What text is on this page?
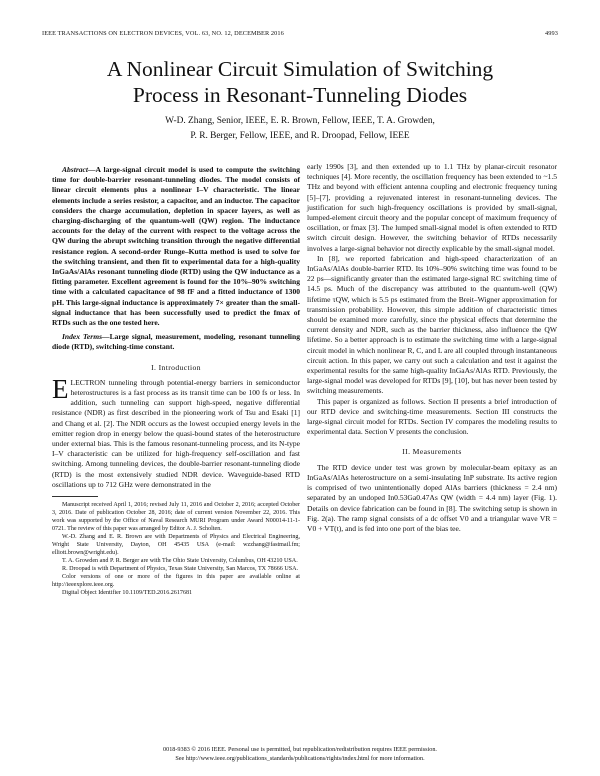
IEEE TRANSACTIONS ON ELECTRON DEVICES, VOL. 63, NO. 12, DECEMBER 2016	4993
A Nonlinear Circuit Simulation of Switching
Process in Resonant-Tunneling Diodes
W-D. Zhang, Senior, IEEE, E. R. Brown, Fellow, IEEE, T. A. Growden,
P. R. Berger, Fellow, IEEE, and R. Droopad, Fellow, IEEE

Abstract—A large-signal circuit model is used to compute the switching time for double-barrier resonant-tunneling diodes. The model consists of linear circuit elements plus a nonlinear I–V characteristic. The linear elements include a series resistor, a capacitor, and an inductor. The capacitor considers the charge accumulation, depletion in spacer layers, as well as charging-discharging of the quantum-well (QW) region. The inductance accounts for the delay of the current with respect to the voltage across the QW during the abrupt switching transition through the negative differential resistance region. A second-order Runge–Kutta method is used to solve for the switching transient, and then fit to experimental data for a high-quality InGaAs/AlAs resonant tunneling diode (RTD) using the QW inductance as a fitting parameter. Excellent agreement is found for the 10%–90% switching time with a calculated capacitance of 98 fF and a fitted inductance of 1300 pH. This large-signal inductance is approximately 7× greater than the small-signal inductance that has been successfully used to predict the fmax of RTDs such as the one tested here.

Index Terms—Large signal, measurement, modeling, resonant tunneling diode (RTD), switching-time constant.

I. Introduction

ELECTRON tunneling through potential-energy barriers in semiconductor heterostructures is a fast process as its transit time can be 100 fs or less. In addition, such tunneling can support high-speed, negative differential resistance (NDR) as first described in the pioneering work of Tsu and Esaki [1] and Chang et al. [2]. The NDR occurs as the lowest occupied energy levels in the emitter region drop in energy below the quasi-bound states of the heterostructure under external bias. This is the famous resonant-tunneling process, and its N-type I–V characteristic can be utilized for high-frequency self-oscillation and fast switching. Among tunneling devices, the double-barrier resonant-tunneling diode (RTD) is the most extensively studied NDR device. Waveguide-based RTD oscillations up to 712 GHz were demonstrated in the

Manuscript received April 1, 2016; revised July 11, 2016 and October 2, 2016; accepted October 3, 2016. Date of publication October 28, 2016; date of current version November 22, 2016. This work was supported by the Office of Naval Research MURI Program under Award N00014-11-1-0721. The review of this paper was arranged by Editor A. J. Scholten.

W.-D. Zhang and E. R. Brown are with Departments of Physics and Electrical Engineering, Wright State University, Dayton, OH 45435 USA (e-mail: wzzhang@fastmail.fm; elliott.brown@wright.edu).

T. A. Growden and P. R. Berger are with The Ohio State University, Columbus, OH 43210 USA.

R. Droopad is with Department of Physics, Texas State University, San Marcos, TX 78666 USA.

Color versions of one or more of the figures in this paper are available online at http://ieeexplore.ieee.org.

Digital Object Identifier 10.1109/TED.2016.2617681

early 1990s [3], and then extended up to 1.1 THz by planar-circuit resonator techniques [4]. More recently, the oscillation frequency has been extended to ~1.5 THz and beyond with efficient antenna coupling and electronic frequency tuning [5]–[7], providing a rejuvenated interest in resonant-tunneling devices. The justification for such high-frequency oscillations is provided by small-signal, lumped-element circuit theory and the popular concept of maximum frequency of oscillation, or fmax [3]. The lumped small-signal model is often extended to RTD switch circuit design. However, the switching behavior of RTDs necessarily involves a large-signal behavior not directly explicable by the small-signal model.

In [8], we reported fabrication and high-speed characterization of an InGaAs/AlAs double-barrier RTD. Its 10%–90% switching time was found to be 22 ps—significantly greater than the estimated large-signal RC switching time of 14.5 ps. Much of the discrepancy was attributed to the quantum-well (QW) lifetime τQW, which is 5.5 ps estimated from the Breit–Wigner approximation for transmission probability. However, this simple addition of characteristic times should be examined more carefully, since the physical effects that determine the current density and NDR, such as the barrier thickness, also influence the QW lifetime. So a better approach is to estimate the switching time with a large-signal circuit model in which nonlinear R, C, and L are all coupled through instantaneous circuit action. In this paper, we carry out such a calculation and test it against the experimental results for the same high-quality InGaAs/AlAs RTD. Previously, the large-signal model was developed for RTDs [9], [10], but has never been tested by switching measurements.

This paper is organized as follows. Section II presents a brief introduction of our RTD device and switching-time measurements. Section III constructs the large-signal circuit model for RTDs. Section IV compares the modeling results to experimental data. Section V presents the conclusion.

II. Measurements

The RTD device under test was grown by molecular-beam epitaxy as an InGaAs/AlAs heterostructure on a semi-insulating InP substrate. Its active region is comprised of two unintentionally doped AlAs barriers (thickness = 2.4 nm) separated by an undoped In0.53Ga0.47As QW (width = 4.4 nm) layer (Fig. 1). Details on device fabrication can be found in [8]. The switching setup is shown in Fig. 2(a). The ramp signal consists of a dc offset V0 and a triangular wave VR = V0 + VT(t), and is fed into one port of the bias tee.

0018-9383 © 2016 IEEE. Personal use is permitted, but republication/redistribution requires IEEE permission.
See http://www.ieee.org/publications_standards/publications/rights/index.html for more information.
